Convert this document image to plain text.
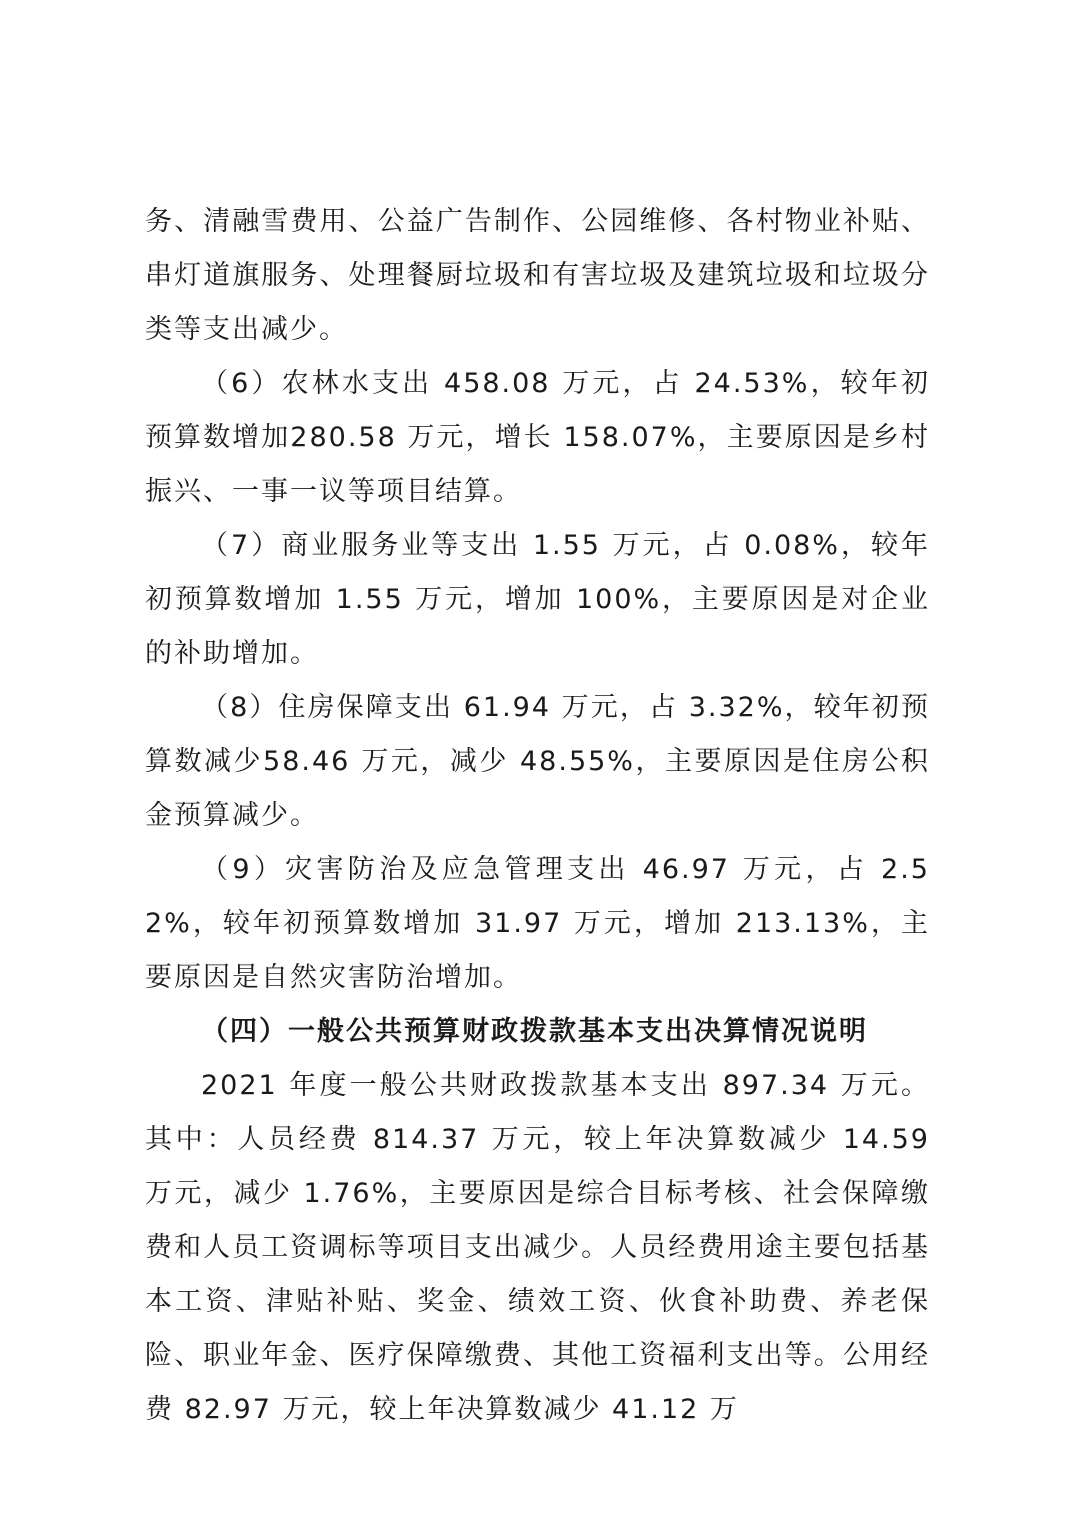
务、清融雪费用、公益广告制作、公园维修、各村物业补贴、串灯道旗服务、处理餐厨垃圾和有害垃圾及建筑垃圾和垃圾分类等支出减少。

（6）农林水支出 458.08 万元，占 24.53%，较年初预算数增加280.58 万元，增长 158.07%，主要原因是乡村振兴、一事一议等项目结算。

（7）商业服务业等支出 1.55 万元，占 0.08%，较年初预算数增加 1.55 万元，增加 100%，主要原因是对企业的补助增加。

（8）住房保障支出 61.94 万元，占 3.32%，较年初预算数减少58.46 万元，减少 48.55%，主要原因是住房公积金预算减少。

（9）灾害防治及应急管理支出 46.97 万元，占 2.52%，较年初预算数增加 31.97 万元，增加 213.13%，主要原因是自然灾害防治增加。

（四）一般公共预算财政拨款基本支出决算情况说明

2021 年度一般公共财政拨款基本支出 897.34 万元。其中：人员经费 814.37 万元，较上年决算数减少 14.59 万元，减少 1.76%，主要原因是综合目标考核、社会保障缴费和人员工资调标等项目支出减少。人员经费用途主要包括基本工资、津贴补贴、奖金、绩效工资、伙食补助费、养老保险、职业年金、医疗保障缴费、其他工资福利支出等。公用经费 82.97 万元，较上年决算数减少 41.12 万
